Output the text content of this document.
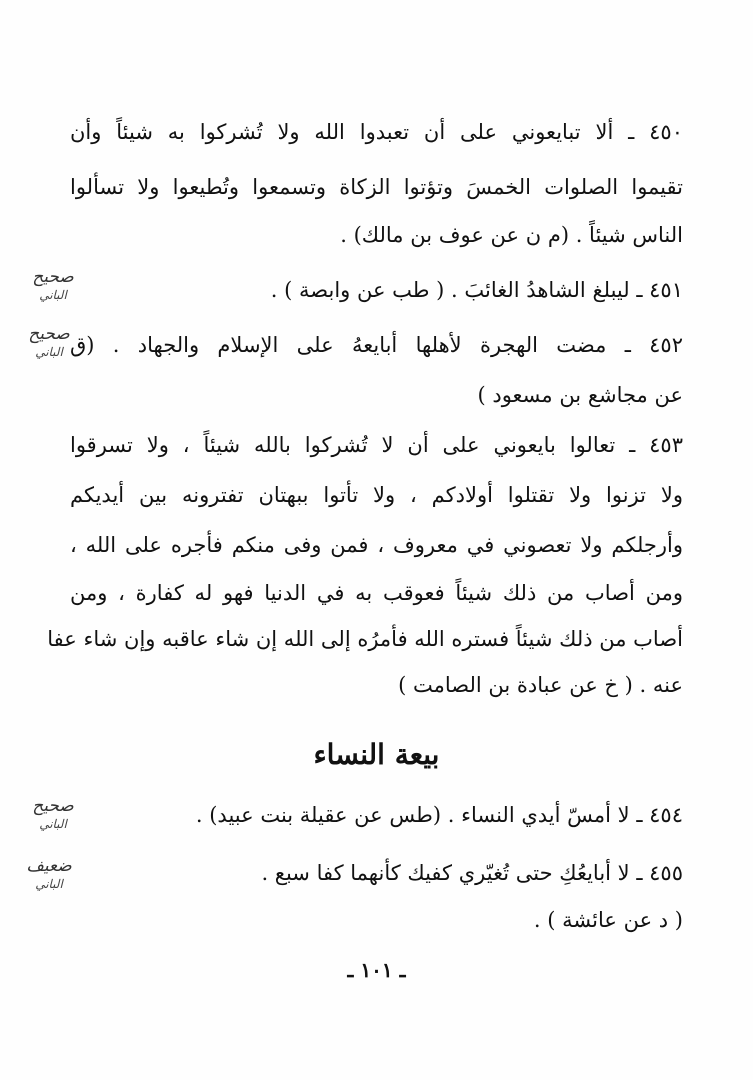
٤٥٠ ـ ألا تبايعوني على أن تعبدوا الله ولا تُشركوا به شيئاً وأن
تقيموا الصلوات الخمسَ وتؤتوا الزكاة وتسمعوا وتُطيعوا ولا تسألوا
الناس شيئاً . (م ن عن عوف بن مالك) .
٤٥١ ـ ليبلغ الشاهدُ الغائبَ . ( طب عن وابصة ) .
٤٥٢ ـ مضت الهجرة لأهلها أبايعهُ على الإسلام والجهاد . (ق
عن مجاشع بن مسعود )
٤٥٣ ـ تعالوا بايعوني على أن لا تُشركوا بالله شيئاً ، ولا تسرقوا
ولا تزنوا ولا تقتلوا أولادكم ، ولا تأتوا ببهتان تفترونه بين أيديكم
وأرجلكم ولا تعصوني في معروف ، فمن وفى منكم فأجره على الله ،
ومن أصاب من ذلك شيئاً فعوقب به في الدنيا فهو له كفارة ، ومن
أصاب من ذلك شيئاً فستره الله فأمرُه إلى الله إن شاء عاقبه وإن شاء عفا
عنه . ( خ عن عبادة بن الصامت )
بيعة النساء
٤٥٤ ـ لا أمسّ أيدي النساء . (طس عن عقيلة بنت عبيد) .
٤٥٥ ـ لا أبايعُكِ حتى تُغيّري كفيك كأنهما كفا سبع .
( د عن عائشة ) .
ـ ١٠١ ـ
صحيح
الباني
صحيح
الباني
صحيح
الباني
ضعيف
الباني
